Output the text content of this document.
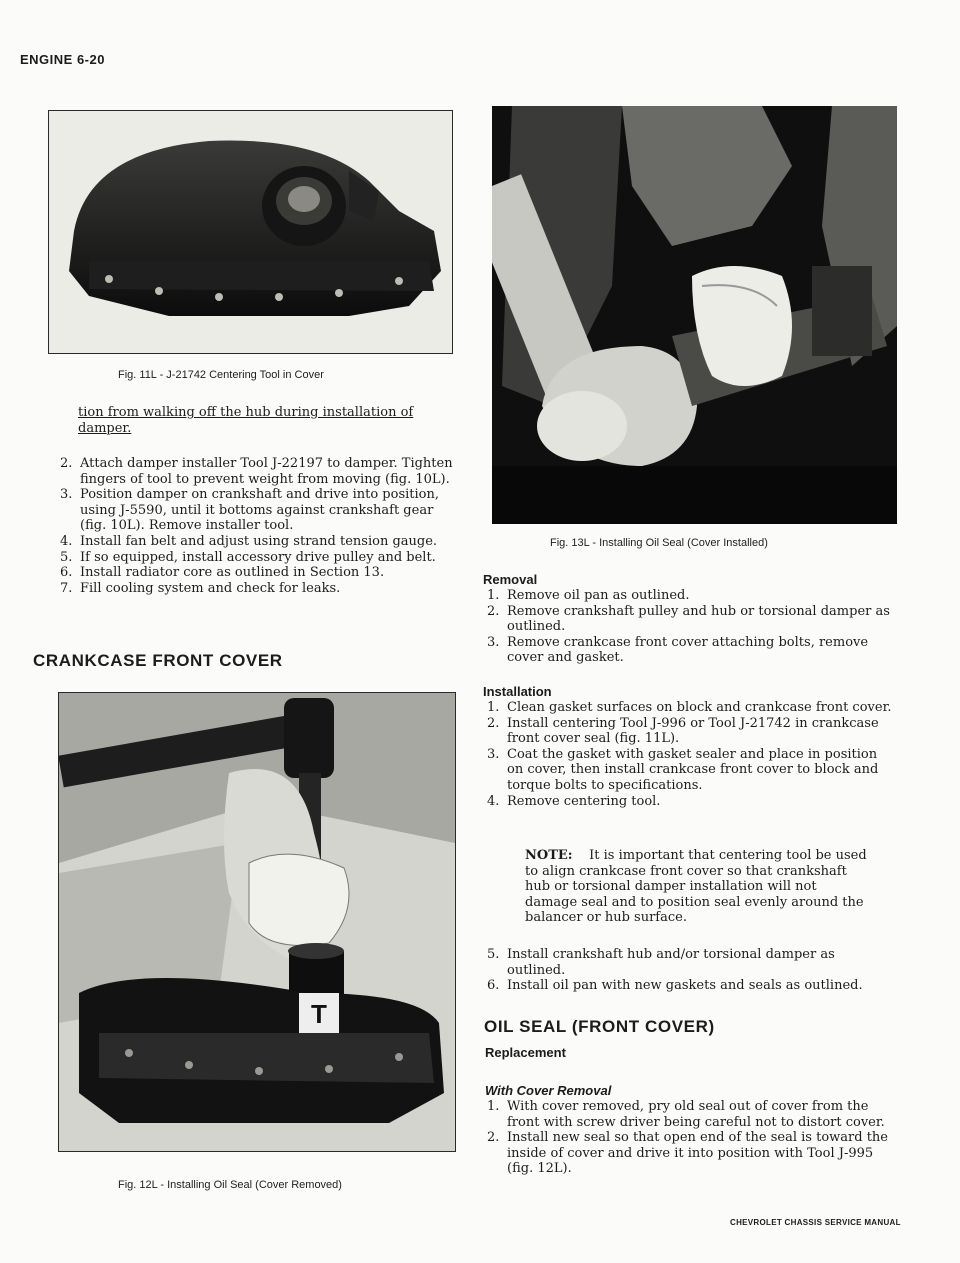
ENGINE 6-20
CHEVROLET CHASSIS SERVICE MANUAL
Fig. 11L - J-21742 Centering Tool in Cover
tion from walking off the hub during installation of damper.
2. Attach damper installer Tool J-22197 to damper. Tighten fingers of tool to prevent weight from moving (fig. 10L).
3. Position damper on crankshaft and drive into position, using J-5590, until it bottoms against crankshaft gear (fig. 10L). Remove installer tool.
4. Install fan belt and adjust using strand tension gauge.
5. If so equipped, install accessory drive pulley and belt.
6. Install radiator core as outlined in Section 13.
7. Fill cooling system and check for leaks.
CRANKCASE FRONT COVER
T
Fig. 12L - Installing Oil Seal (Cover Removed)
Fig. 13L - Installing Oil Seal (Cover Installed)
Removal
1. Remove oil pan as outlined.
2. Remove crankshaft pulley and hub or torsional damper as outlined.
3. Remove crankcase front cover attaching bolts, remove cover and gasket.
Installation
1. Clean gasket surfaces on block and crankcase front cover.
2. Install centering Tool J-996 or Tool J-21742 in crankcase front cover seal (fig. 11L).
3. Coat the gasket with gasket sealer and place in position on cover, then install crankcase front cover to block and torque bolts to specifications.
4. Remove centering tool.
NOTE: It is important that centering tool be used to align crankcase front cover so that crankshaft hub or torsional damper installation will not damage seal and to position seal evenly around the balancer or hub surface.
5. Install crankshaft hub and/or torsional damper as outlined.
6. Install oil pan with new gaskets and seals as outlined.
OIL SEAL (FRONT COVER)
Replacement
With Cover Removal
1. With cover removed, pry old seal out of cover from the front with screw driver being careful not to distort cover.
2. Install new seal so that open end of the seal is toward the inside of cover and drive it into position with Tool J-995 (fig. 12L).
